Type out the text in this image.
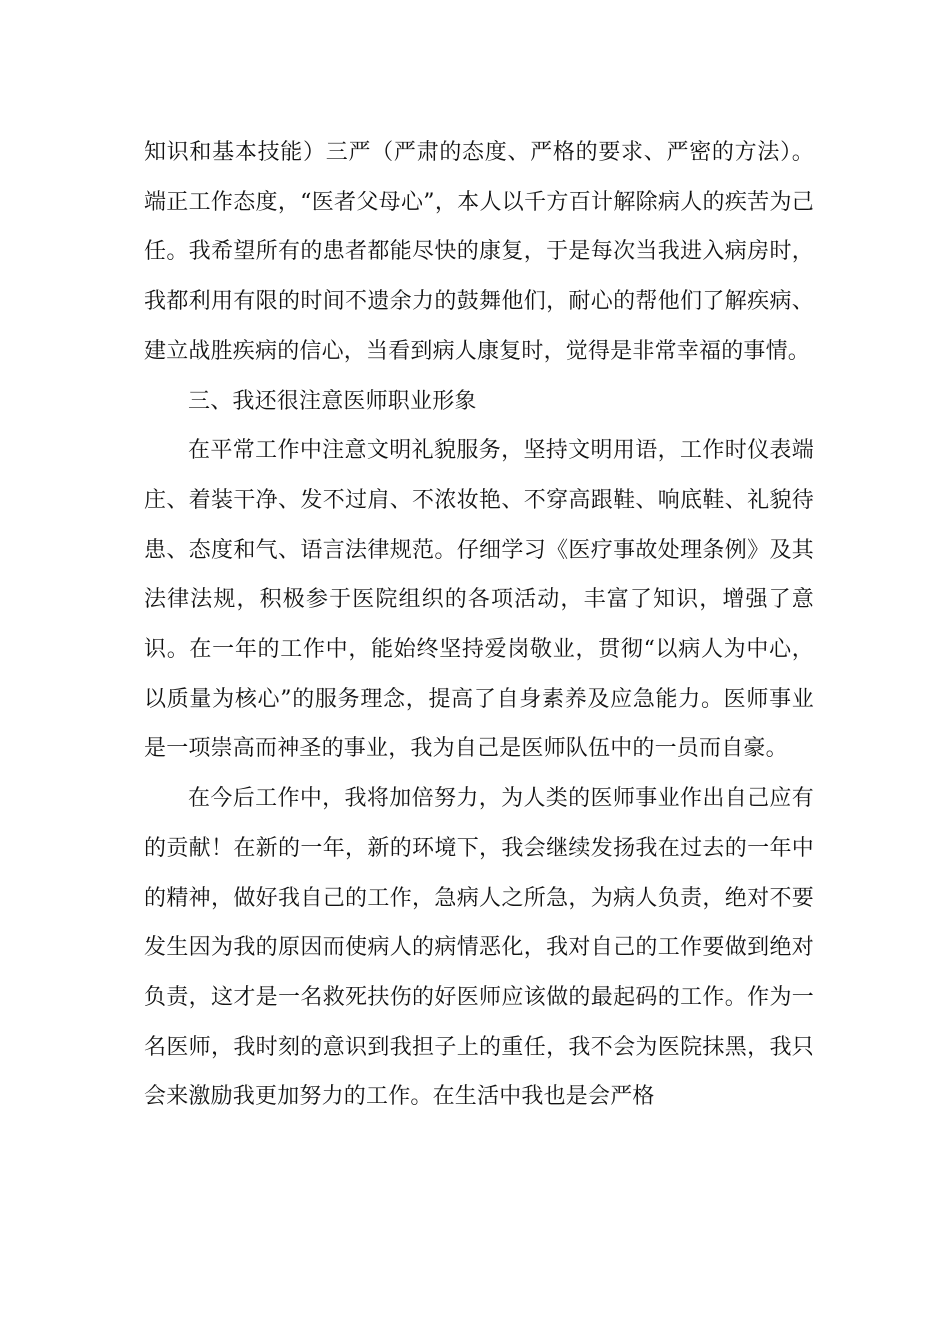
知识和基本技能）三严（严肃的态度、严格的要求、严密的方法）。端正工作态度，“医者父母心”，本人以千方百计解除病人的疾苦为己任。我希望所有的患者都能尽快的康复，于是每次当我进入病房时，我都利用有限的时间不遗余力的鼓舞他们，耐心的帮他们了解疾病、建立战胜疾病的信心，当看到病人康复时，觉得是非常幸福的事情。

三、我还很注意医师职业形象

在平常工作中注意文明礼貌服务，坚持文明用语，工作时仪表端庄、着装干净、发不过肩、不浓妆艳、不穿高跟鞋、响底鞋、礼貌待患、态度和气、语言法律规范。仔细学习《医疗事故处理条例》及其法律法规，积极参于医院组织的各项活动，丰富了知识，增强了意识。在一年的工作中，能始终坚持爱岗敬业，贯彻“以病人为中心，以质量为核心”的服务理念，提高了自身素养及应急能力。医师事业是一项崇高而神圣的事业，我为自己是医师队伍中的一员而自豪。

在今后工作中，我将加倍努力，为人类的医师事业作出自己应有的贡献！在新的一年，新的环境下，我会继续发扬我在过去的一年中的精神，做好我自己的工作，急病人之所急，为病人负责，绝对不要发生因为我的原因而使病人的病情恶化，我对自己的工作要做到绝对负责，这才是一名救死扶伤的好医师应该做的最起码的工作。作为一名医师，我时刻的意识到我担子上的重任，我不会为医院抹黑，我只会来激励我更加努力的工作。在生活中我也是会严格
